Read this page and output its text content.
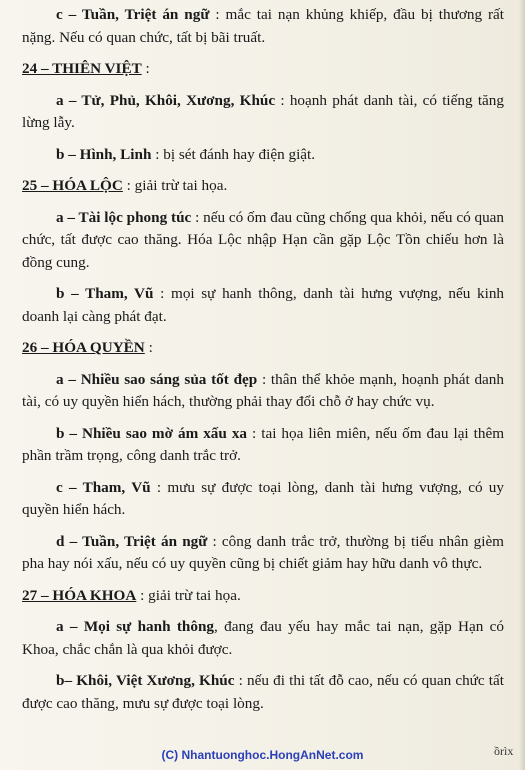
c – Tuần, Triệt án ngữ : mắc tai nạn khủng khiếp, đầu bị thương rất nặng. Nếu có quan chức, tất bị bãi truất.

24 – THIÊN VIỆT :

a – Tử, Phủ, Khôi, Xương, Khúc : hoạnh phát danh tài, có tiếng tăng lừng lẫy.

b – Hình, Linh : bị sét đánh hay điện giật.

25 – HÓA LỘC : giải trừ tai họa.

a – Tài lộc phong túc : nếu có ốm đau cũng chống qua khỏi, nếu có quan chức, tất được cao thăng. Hóa Lộc nhập Hạn cần gặp Lộc Tồn chiếu hơn là đồng cung.

b – Tham, Vũ : mọi sự hanh thông, danh tài hưng vượng, nếu kinh doanh lại càng phát đạt.

26 – HÓA QUYỀN :

a – Nhiều sao sáng sủa tốt đẹp : thân thể khỏe mạnh, hoạnh phát danh tài, có uy quyền hiển hách, thường phải thay đổi chỗ ở hay chức vụ.

b – Nhiều sao mờ ám xấu xa : tai họa liên miên, nếu ốm đau lại thêm phần trầm trọng, công danh trắc trở.

c – Tham, Vũ : mưu sự được toại lòng, danh tài hưng vượng, có uy quyền hiển hách.

d – Tuần, Triệt án ngữ : công danh trắc trở, thường bị tiểu nhân gièm pha hay nói xấu, nếu có uy quyền cũng bị chiết giảm hay hữu danh vô thực.

27 – HÓA KHOA : giải trừ tai họa.

a – Mọi sự hanh thông, đang đau yếu hay mắc tai nạn, gặp Hạn có Khoa, chắc chắn là qua khỏi được.

b– Khôi, Việt Xương, Khúc : nếu đi thi tất đỗ cao, nếu có quan chức tất được cao thăng, mưu sự được toại lòng.

(C) Nhantuonghoc.HongAnNet.com	ồrìx
